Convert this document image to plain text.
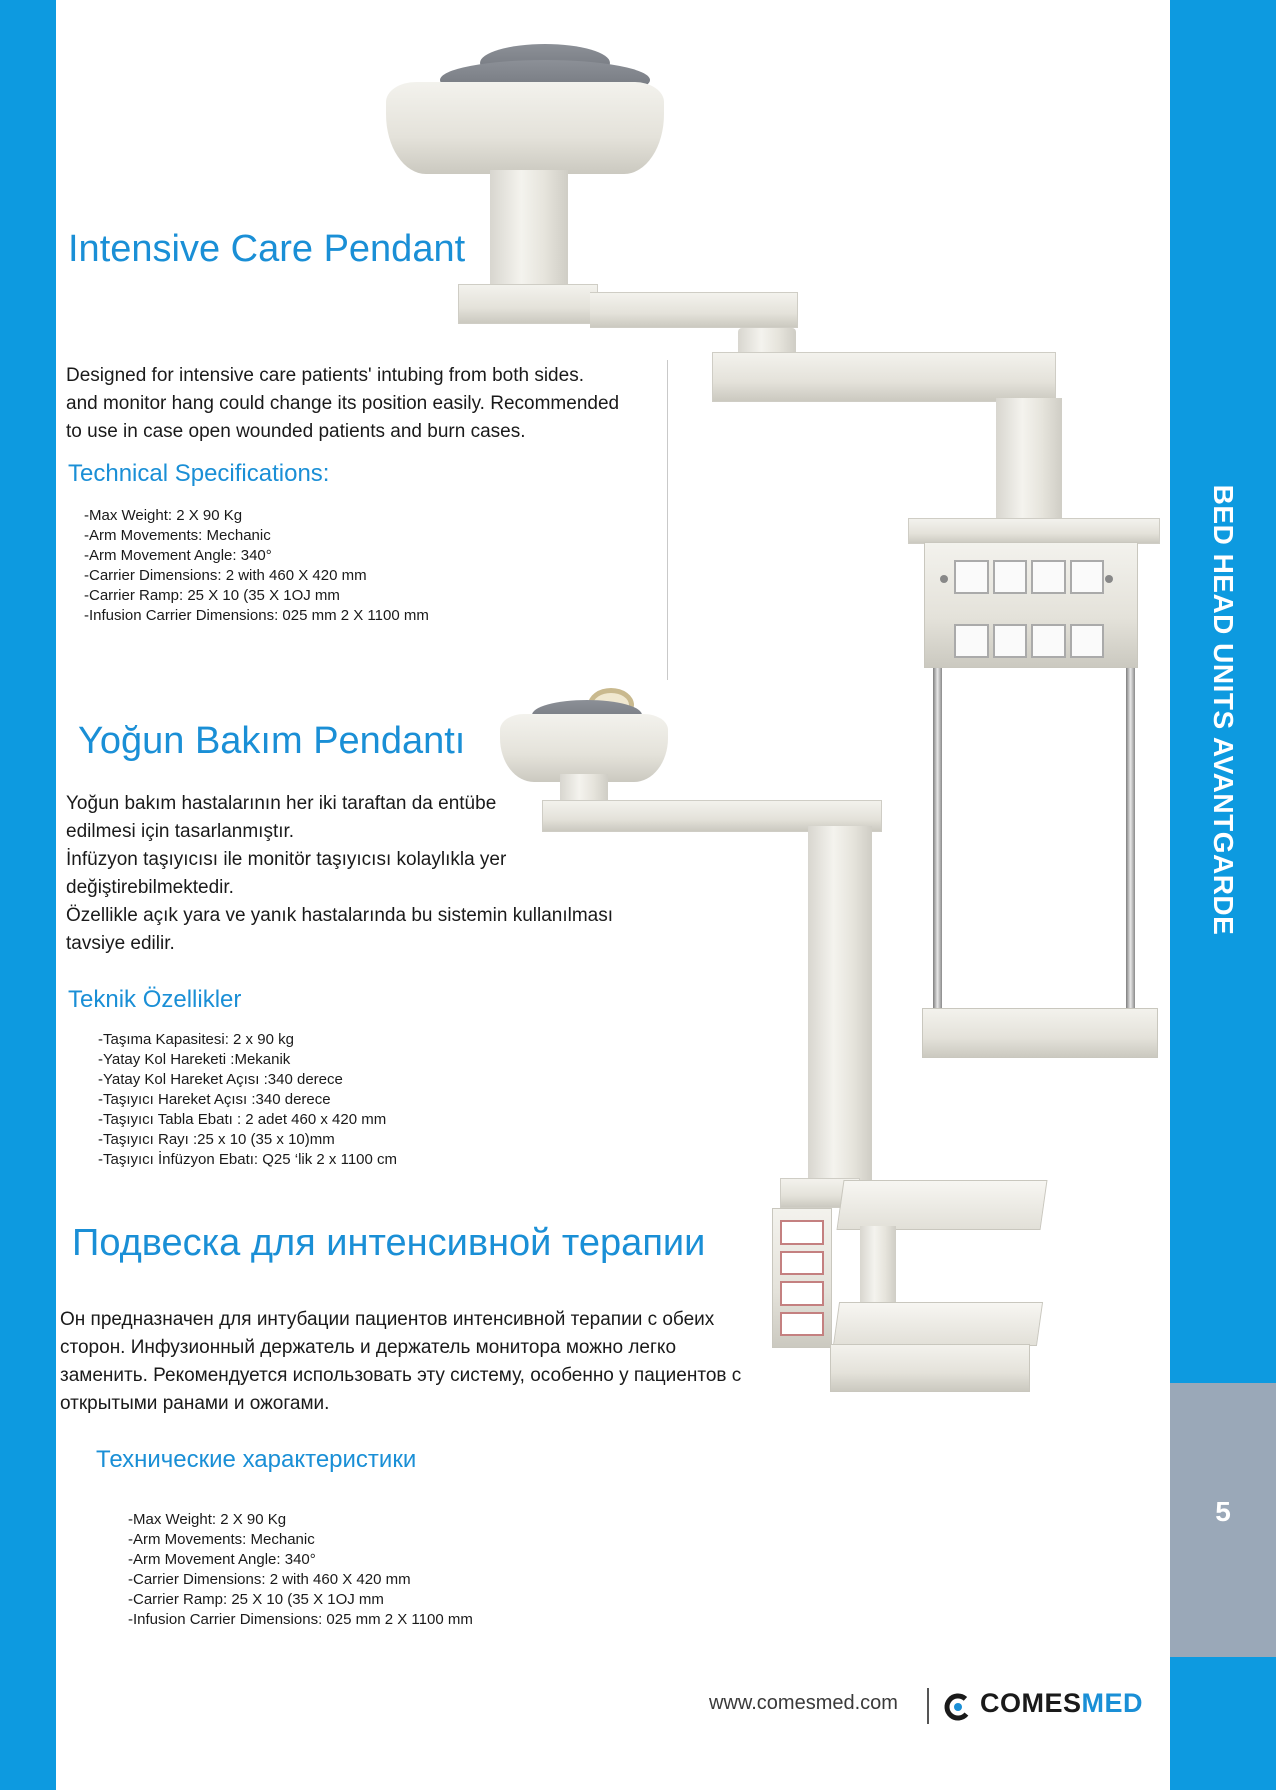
BED HEAD UNITS AVANTGARDE
5
Intensive Care Pendant

Designed for intensive care patients' intubing from both sides.

and monitor hang could change its position easily. Recommended

to use in case open wounded patients and burn cases.

Technical Specifications:
-Max Weight: 2 X 90 Kg
-Arm Movements: Mechanic
-Arm Movement Angle: 340°
-Carrier Dimensions: 2 with 460 X 420 mm
-Carrier Ramp: 25 X 10 (35 X 1OJ mm
-Infusion Carrier Dimensions: 025 mm 2 X 1100 mm
Yoğun Bakım Pendantı

Yoğun bakım hastalarının her iki taraftan da entübe

edilmesi için tasarlanmıştır.

İnfüzyon taşıyıcısı ile monitör taşıyıcısı kolaylıkla yer

değiştirebilmektedir.

Özellikle açık yara ve yanık hastalarında bu sistemin kullanılması

tavsiye edilir.

Teknik Özellikler
-Taşıma Kapasitesi: 2 x 90 kg
-Yatay Kol Hareketi :Mekanik
-Yatay Kol Hareket Açısı :340 derece
-Taşıyıcı Hareket Açısı :340 derece
-Taşıyıcı Tabla Ebatı : 2 adet 460 x 420 mm
-Taşıyıcı Rayı :25 x 10 (35 x 10)mm
-Taşıyıcı İnfüzyon Ebatı: Q25 ‘lik 2 x 1100 cm
Подвеска для интенсивной терапии

Он предназначен для интубации пациентов интенсивной терапии с обеих

сторон. Инфузионный держатель и держатель монитора можно легко

заменить. Рекомендуется использовать эту систему, особенно у пациентов с

открытыми ранами и ожогами.

Технические характеристики
-Max Weight: 2 X 90 Kg
-Arm Movements: Mechanic
-Arm Movement Angle: 340°
-Carrier Dimensions: 2 with 460 X 420 mm
-Carrier Ramp: 25 X 10 (35 X 1OJ mm
-Infusion Carrier Dimensions: 025 mm 2 X 1100 mm
www.comesmed.com	COMESMED
